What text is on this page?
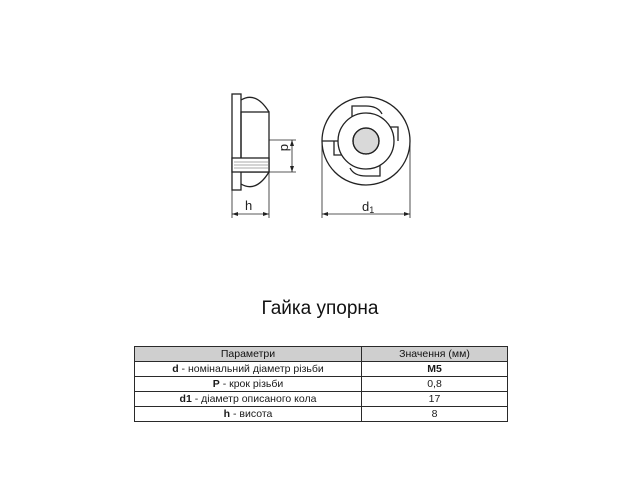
h
d
d1
Гайка упорна
Параметри	Значення (мм)
d - номінальний діаметр різьби	M5
P - крок різьби	0,8
d1 - діаметр описаного кола	17
h - висота	8
